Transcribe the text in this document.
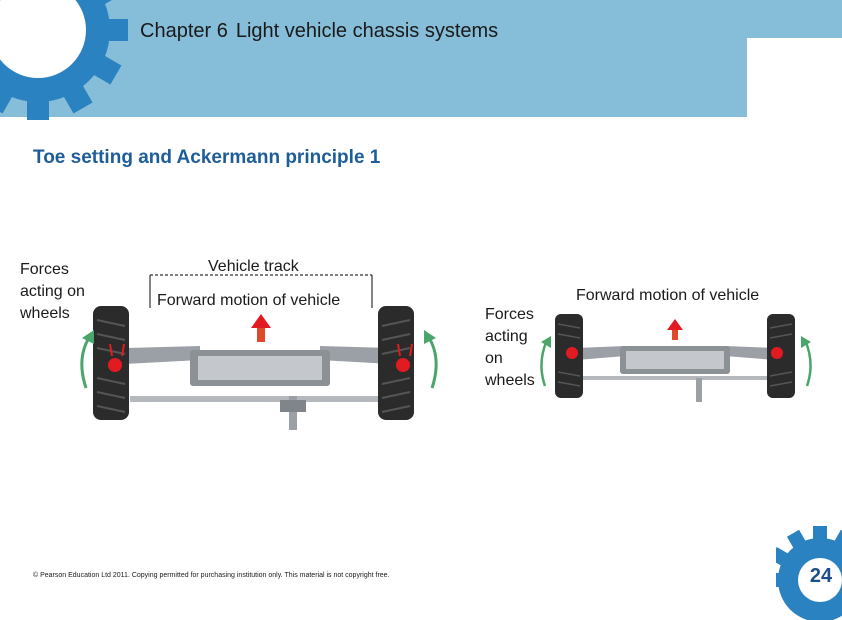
Chapter 6 Light vehicle chassis systems
Toe setting and Ackermann principle 1
Forces acting on wheels
Vehicle track
Forward motion of vehicle
Forces acting on wheels
Forward motion of vehicle
© Pearson Education Ltd 2011. Copying permitted for purchasing institution only. This material is not copyright free.	24
